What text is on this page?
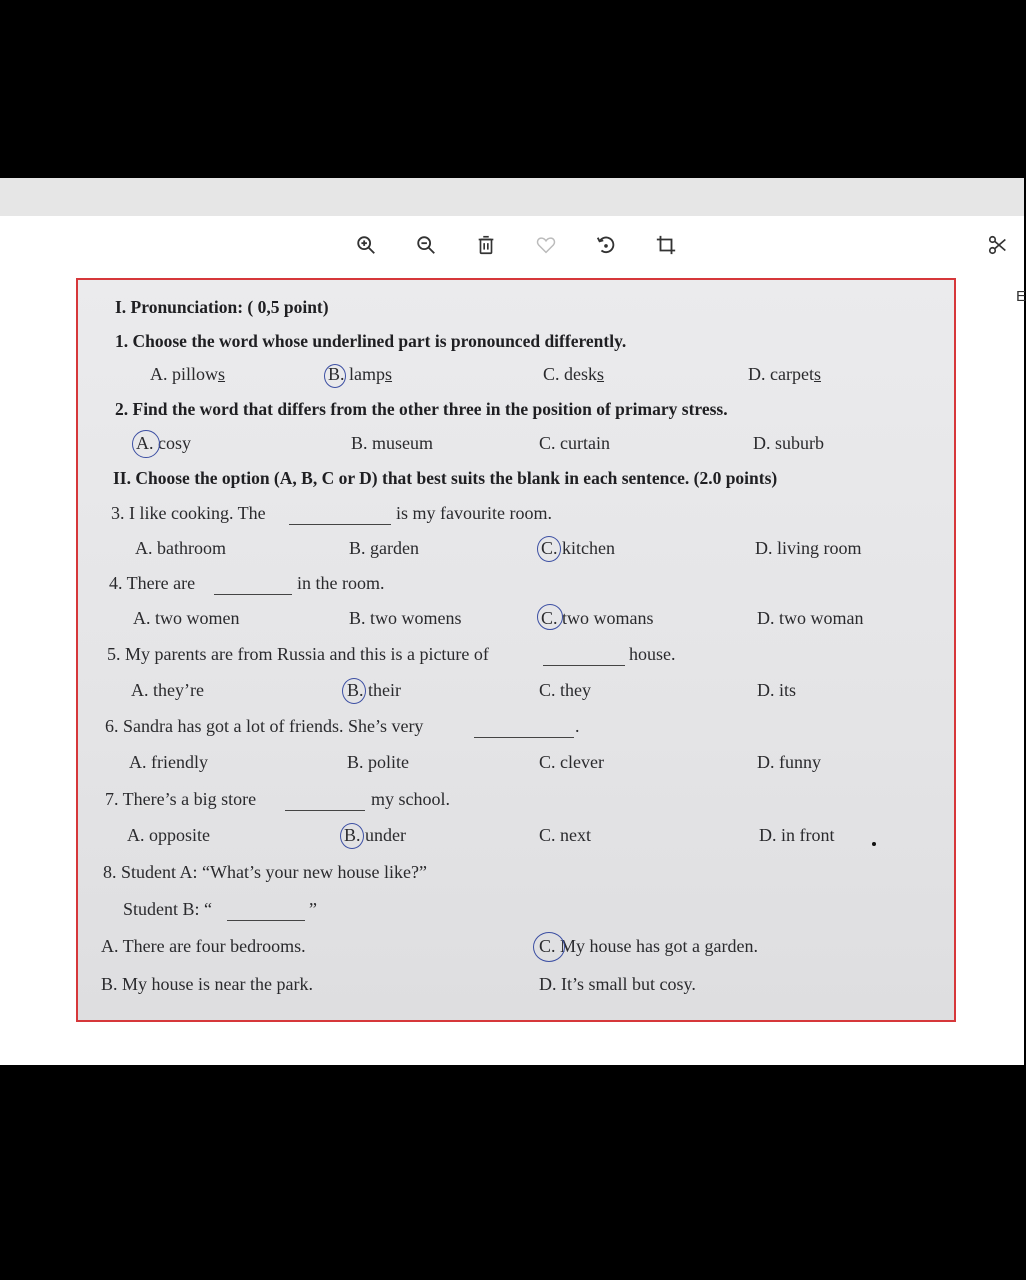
E
I. Pronunciation: ( 0,5 point)
1. Choose the word whose underlined part is pronounced differently.
A. pillows	B. lamps	C. desks	D. carpets
2. Find the word that differs from the other three in the position of primary stress.
A. cosy	B. museum	C. curtain	D. suburb
II. Choose the option (A, B, C or D) that best suits the blank in each sentence. (2.0 points)
3. I like cooking. The	is my favourite room.
A. bathroom	B. garden	C. kitchen	D. living room
4. There are	in the room.
A. two women	B. two womens	C. two womans	D. two woman
5. My parents are from Russia and this is a picture of	house.
A. they’re	B. their	C. they	D. its
6. Sandra has got a lot of friends. She’s very	.
A. friendly	B. polite	C. clever	D. funny
7. There’s a big store	my school.
A. opposite	B. under	C. next	D. in front
8. Student A: “What’s your new house like?”
Student B: “	”
A. There are four bedrooms.	C. My house has got a garden.
B. My house is near the park.	D. It’s small but cosy.
